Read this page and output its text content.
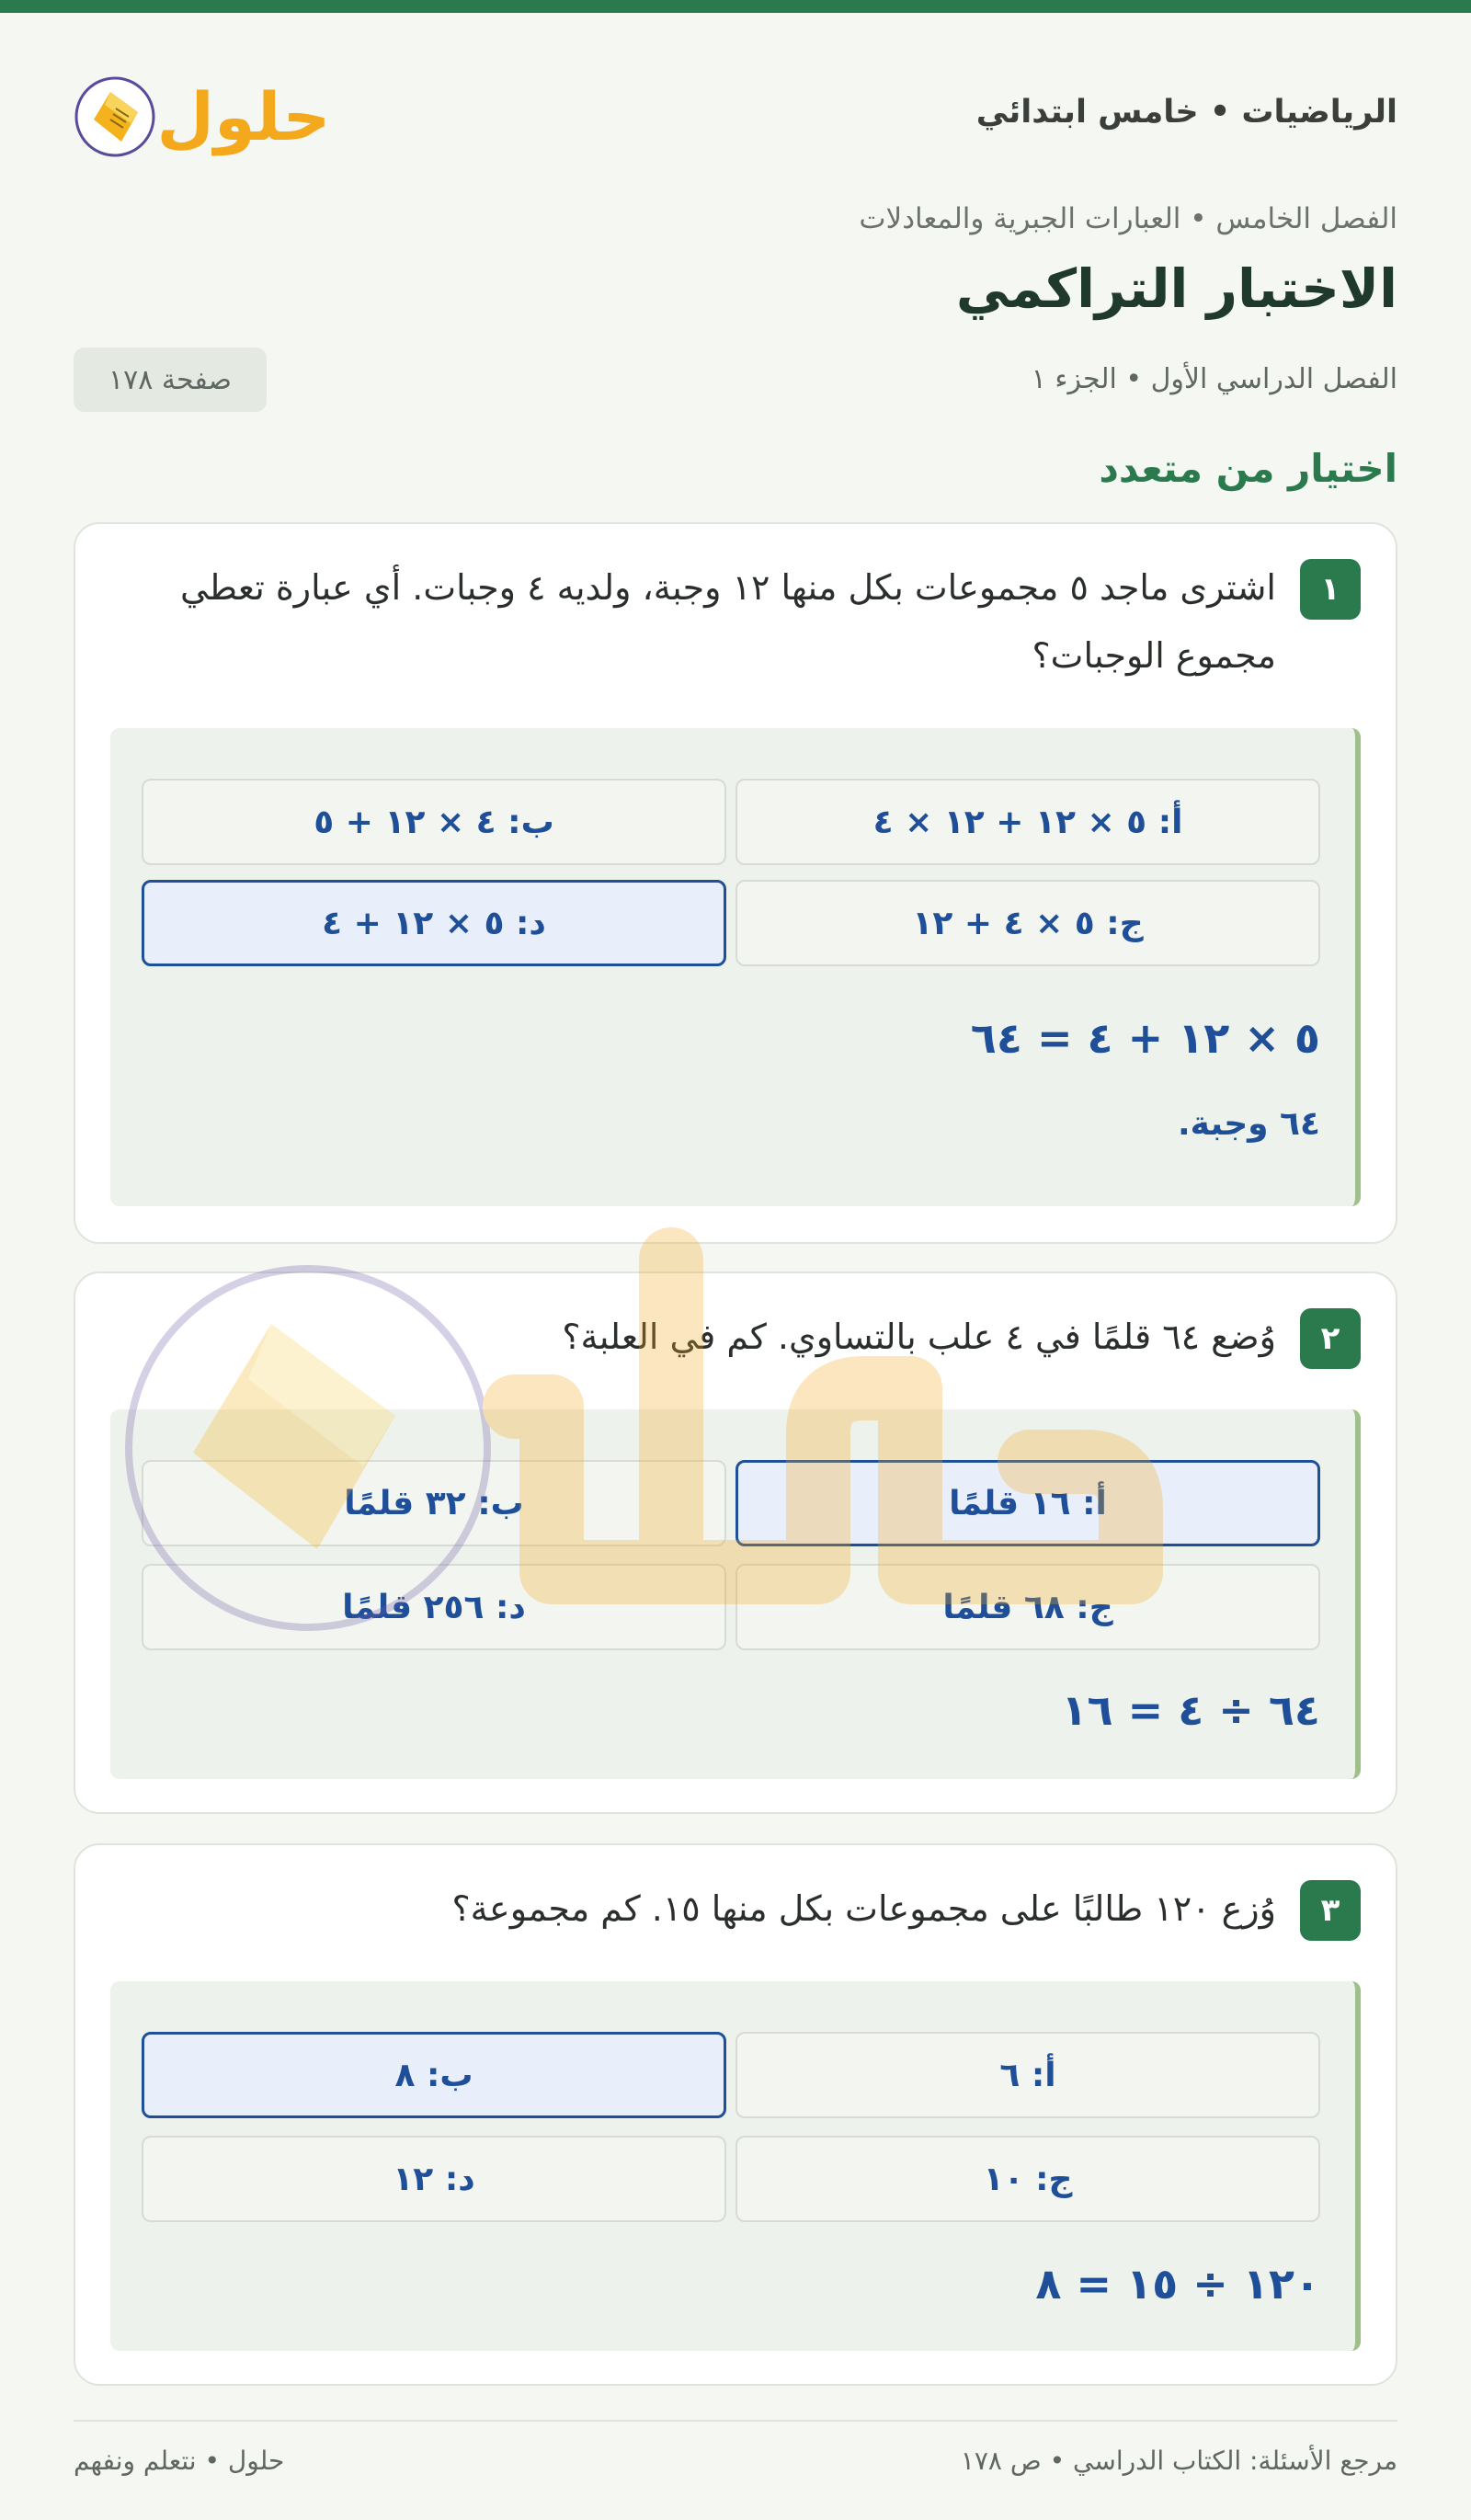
الرياضيات • خامس ابتدائي
حلول
الفصل الخامس • العبارات الجبرية والمعادلات
الاختبار التراكمي
الفصل الدراسي الأول • الجزء ١
صفحة ١٧٨
اختيار من متعدد
١
اشترى ماجد ٥ مجموعات بكل منها ١٢ وجبة، ولديه ٤ وجبات. أي عبارة تعطي مجموع الوجبات؟
أ: ٥ × ١٢ + ١٢ × ٤
ب: ٤ × ١٢ + ٥
ج: ٥ × ٤ + ١٢
د: ٥ × ١٢ + ٤
٥ × ١٢ + ٤ = ٦٤
٦٤ وجبة.
٢
وُضع ٦٤ قلمًا في ٤ علب بالتساوي. كم في العلبة؟
أ: ١٦ قلمًا
ب: ٣٢ قلمًا
ج: ٦٨ قلمًا
د: ٢٥٦ قلمًا
٦٤ ÷ ٤ = ١٦
٣
وُزع ١٢٠ طالبًا على مجموعات بكل منها ١٥. كم مجموعة؟
أ: ٦
ب: ٨
ج: ١٠
د: ١٢
١٢٠ ÷ ١٥ = ٨
مرجع الأسئلة: الكتاب الدراسي • ص ١٧٨
حلول • نتعلم ونفهم
